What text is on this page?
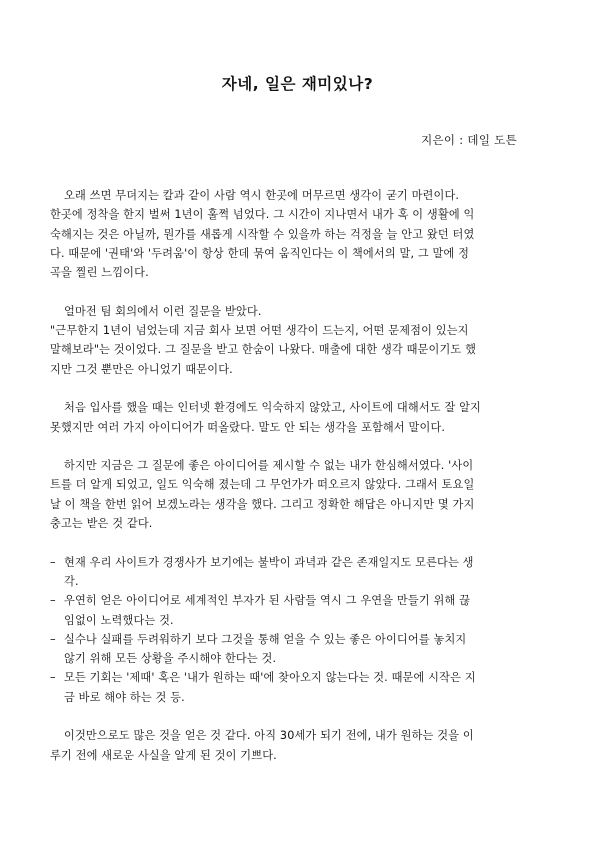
자네, 일은 재미있나?
지은이 : 데일 도튼
오래 쓰면 무뎌지는 칼과 같이 사람 역시 한곳에 머무르면 생각이 굳기 마련이다.
한곳에 정착을 한지 벌써 1년이 훌쩍 넘었다. 그 시간이 지나면서 내가 혹 이 생활에 익
숙해지는 것은 아닐까, 뭔가를 새롭게 시작할 수 있을까 하는 걱정을 늘 안고 왔던 터였
다. 때문에 '권태'와 '두려움'이 항상 한데 묶여 움직인다는 이 책에서의 말, 그 말에 정
곡을 찔린 느낌이다.
얼마전 팀 회의에서 이런 질문을 받았다.
"근무한지 1년이 넘었는데 지금 회사 보면 어떤 생각이 드는지, 어떤 문제점이 있는지
말해보라"는 것이었다. 그 질문을 받고 한숨이 나왔다. 매출에 대한 생각 때문이기도 했
지만 그것 뿐만은 아니었기 때문이다.
처음 입사를 했을 때는 인터넷 환경에도 익숙하지 않았고, 사이트에 대해서도 잘 알지
못했지만 여러 가지 아이디어가 떠올랐다. 말도 안 되는 생각을 포함해서 말이다.
하지만 지금은 그 질문에 좋은 아이디어를 제시할 수 없는 내가 한심해서였다. '사이
트를 더 알게 되었고, 일도 익숙해 졌는데 그 무언가가 떠오르지 않았다. 그래서 토요일
날 이 책을 한번 읽어 보겠노라는 생각을 했다. 그리고 정확한 해답은 아니지만 몇 가지
충고는 받은 것 같다.
– 현재 우리 사이트가 경쟁사가 보기에는 불박이 과녁과 같은 존재일지도 모른다는 생
각.
– 우연히 얻은 아이디어로 세계적인 부자가 된 사람들 역시 그 우연을 만들기 위해 끊
임없이 노력했다는 것.
– 실수나 실패를 두려워하기 보다 그것을 통해 얻을 수 있는 좋은 아이디어를 놓치지
않기 위해 모든 상황을 주시해야 한다는 것.
– 모든 기회는 '제때' 혹은 '내가 원하는 때'에 찾아오지 않는다는 것. 때문에 시작은 지
금 바로 해야 하는 것 등.
이것만으로도 많은 것을 얻은 것 같다. 아직 30세가 되기 전에, 내가 원하는 것을 이
루기 전에 새로운 사실을 알게 된 것이 기쁘다.
